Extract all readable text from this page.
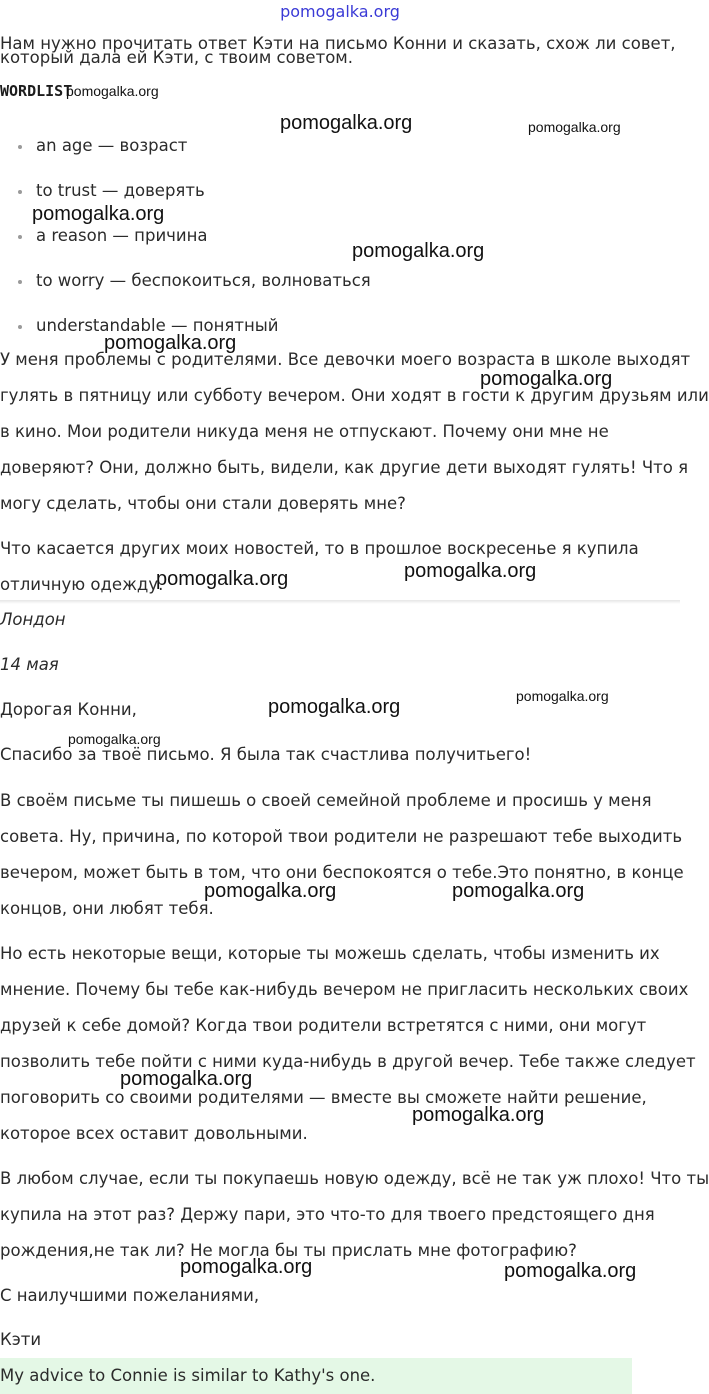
pomogalka.org

Нам нужно прочитать ответ Кэти на письмо Конни и сказать, схож ли совет,

который дала ей Кэти, с твоим советом.
WORDLIST
an age — возраст
to trust — доверять
a reason — причина
to worry — беспокоиться, волноваться
understandable — понятный

У меня проблемы с родителями. Все девочки моего возраста в школе выходят

гулять в пятницу или субботу вечером. Они ходят в гости к другим друзьям или

в кино. Мои родители никуда меня не отпускают. Почему они мне не

доверяют? Они, должно быть, видели, как другие дети выходят гулять! Что я

могу сделать, чтобы они стали доверять мне?

Что касается других моих новостей, то в прошлое воскресенье я купила

отличную одежду.

Лондон

14 мая

Дорогая Конни,

Спасибо за твоё письмо. Я была так счастлива получитьего!

В своём письме ты пишешь о своей семейной проблеме и просишь у меня

совета. Ну, причина, по которой твои родители не разрешают тебе выходить

вечером, может быть в том, что они беспокоятся о тебе.Это понятно, в конце

концов, они любят тебя.

Но есть некоторые вещи, которые ты можешь сделать, чтобы изменить их

мнение. Почему бы тебе как-нибудь вечером не пригласить нескольких своих

друзей к себе домой? Когда твои родители встретятся с ними, они могут

позволить тебе пойти с ними куда-нибудь в другой вечер. Тебе также следует

поговорить со своими родителями — вместе вы сможете найти решение,

которое всех оставит довольными.

В любом случае, если ты покупаешь новую одежду, всё не так уж плохо! Что ты

купила на этот раз? Держу пари, это что-то для твоего предстоящего дня

рождения,не так ли? Не могла бы ты прислать мне фотографию?

С наилучшими пожеланиями,

Кэти

My advice to Connie is similar to Kathy's one.
pomogalka.org
pomogalka.org	pomogalka.org
pomogalka.org
pomogalka.org
pomogalka.org
pomogalka.org
pomogalka.org	pomogalka.org
pomogalka.org
pomogalka.org
pomogalka.org
pomogalka.org	pomogalka.org
pomogalka.org
pomogalka.org
pomogalka.org	pomogalka.org
